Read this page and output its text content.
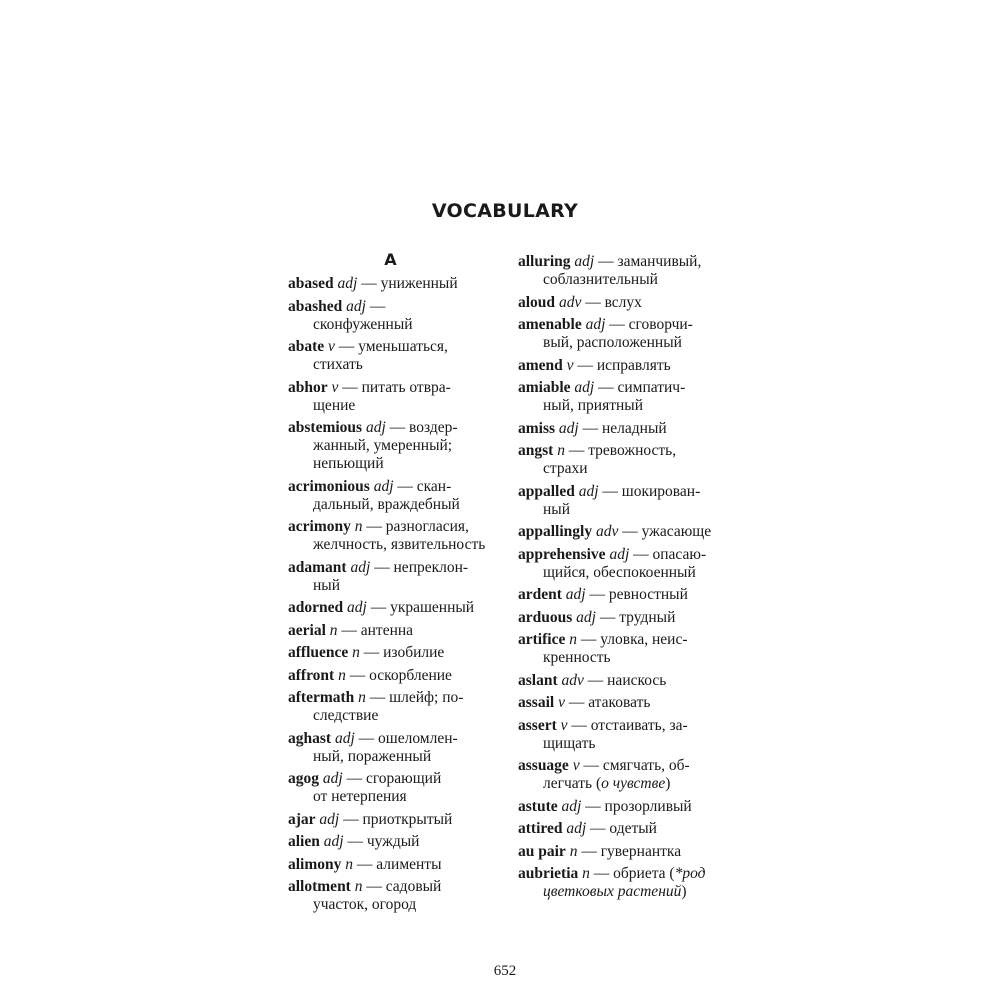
VOCABULARY
A
abased adj — униженный
abashed adj —
сконфуженный
abate v — уменьшаться,
стихать
abhor v — питать отвра-
щение
abstemious adj — воздер-
жанный, умеренный;
непьющий
acrimonious adj — скан-
дальный, враждебный
acrimony n — разногласия,
желчность, язвительность
adamant adj — непреклон-
ный
adorned adj — украшенный
aerial n — антенна
affluence n — изобилие
affront n — оскорбление
aftermath n — шлейф; по-
следствие
aghast adj — ошеломлен-
ный, пораженный
agog adj — сгорающий
от нетерпения
ajar adj — приоткрытый
alien adj — чуждый
alimony n — алименты
allotment n — садовый
участок, огород
alluring adj — заманчивый,
соблазнительный
aloud adv — вслух
amenable adj — сговорчи-
вый, расположенный
amend v — исправлять
amiable adj — симпатич-
ный, приятный
amiss adj — неладный
angst n — тревожность,
страхи
appalled adj — шокирован-
ный
appallingly adv — ужасающе
apprehensive adj — опасаю-
щийся, обеспокоенный
ardent adj — ревностный
arduous adj — трудный
artifice n — уловка, неис-
кренность
aslant adv — наискось
assail v — атаковать
assert v — отстаивать, за-
щищать
assuage v — смягчать, об-
легчать (о чувстве)
astute adj — прозорливый
attired adj — одетый
au pair n — гувернантка
aubrietia n — обриета (*род
цветковых растений)
652
